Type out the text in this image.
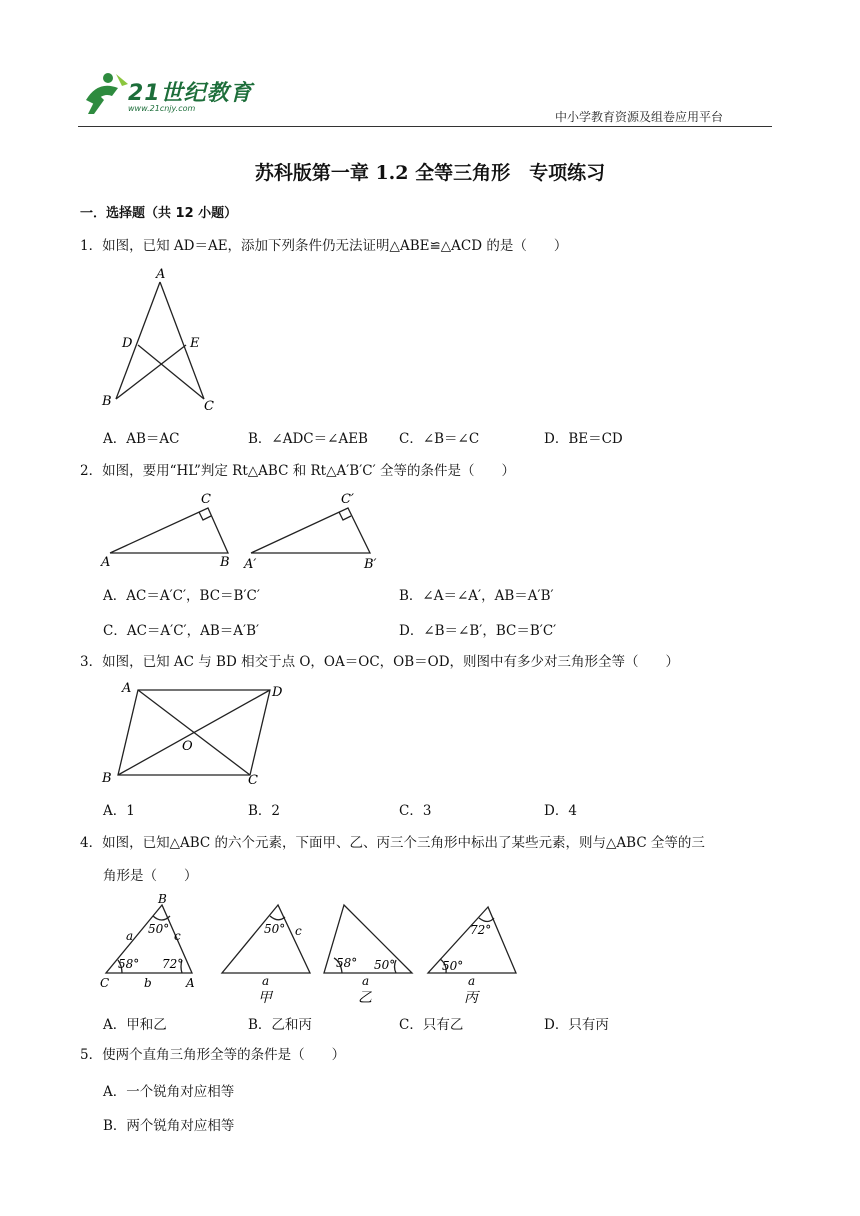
21世纪教育
www.21cnjy.com
中小学教育资源及组卷应用平台
苏科版第一章 1.2 全等三角形　专项练习
一．选择题（共 12 小题）
1．如图，已知 AD＝AE，添加下列条件仍无法证明△ABE≌△ACD 的是（　　）
A
D	E
B	C
A．AB＝AC	B．∠ADC＝∠AEB C．∠B＝∠C	D．BE＝CD
2．如图，要用“HL”判定 Rt△ABC 和 Rt△A′B′C′ 全等的条件是（　　）
C
A	B
C′
A′	B′
A．AC＝A′C′，BC＝B′C′	B．∠A＝∠A′，AB＝A′B′
C．AC＝A′C′，AB＝A′B′	D．∠B＝∠B′，BC＝B′C′
3．如图，已知 AC 与 BD 相交于点 O，OA＝OC，OB＝OD，则图中有多少对三角形全等（　　）
A	D
O
B	C
A．1	B．2	C．3	D．4
4．如图，已知△ABC 的六个元素，下面甲、乙、丙三个三角形中标出了某些元素，则与△ABC 全等的三
角形是（　　）
B
a 50° c
58° 72°
C	b	A
50° c
a
甲
58° 50°
a
乙
72°
50°
a
丙
A．甲和乙	B．乙和丙	C．只有乙	D．只有丙
5．使两个直角三角形全等的条件是（　　）
A．一个锐角对应相等
B．两个锐角对应相等
